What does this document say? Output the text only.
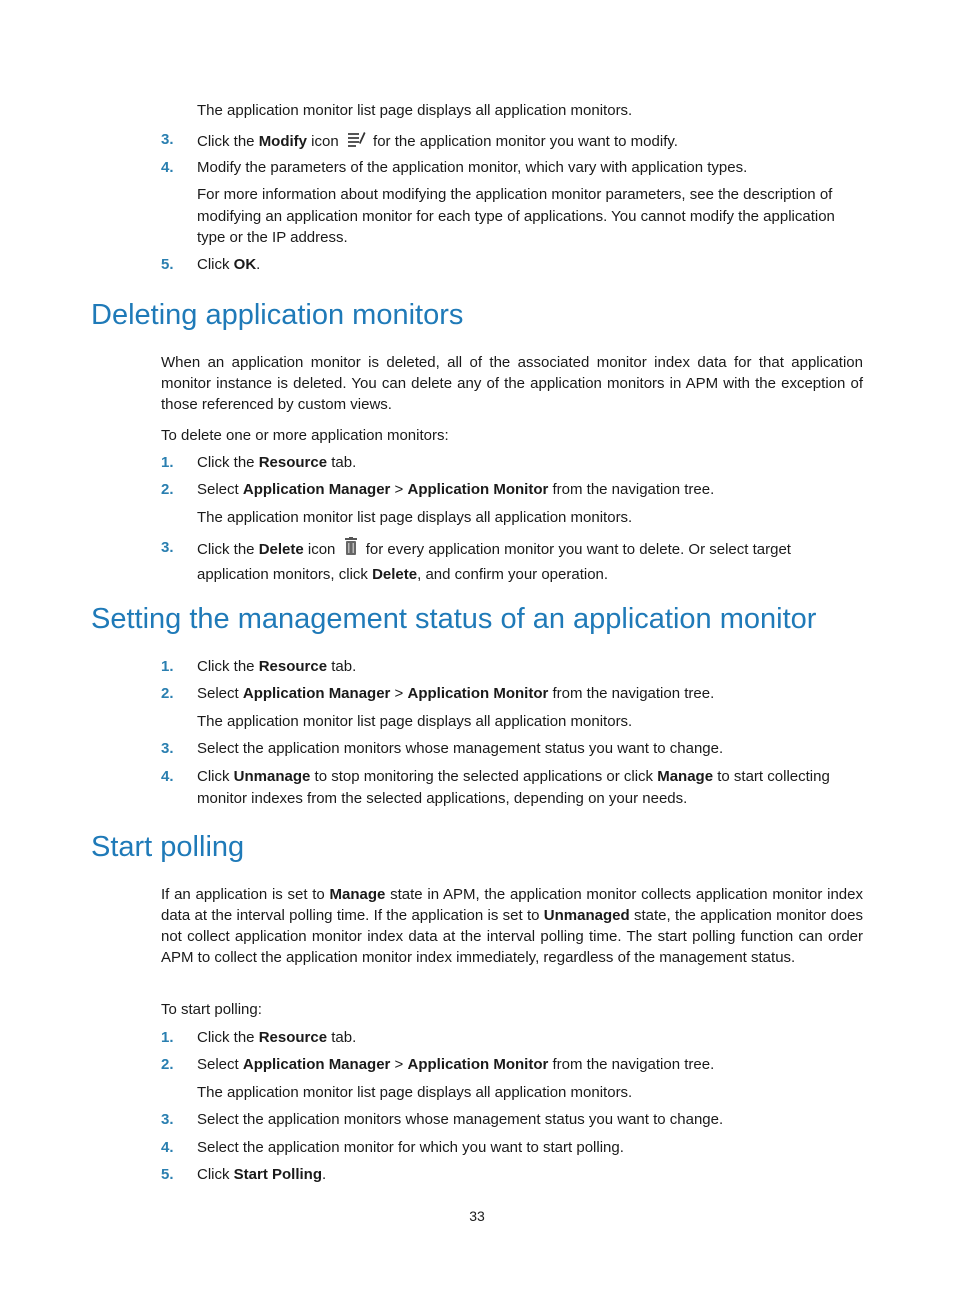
The application monitor list page displays all application monitors.

3.	Click the Modify icon  for the application monitor you want to modify.
4.	Modify the parameters of the application monitor, which vary with application types.

For more information about modifying the application monitor parameters, see the description of modifying an application monitor for each type of applications. You cannot modify the application type or the IP address.

5.	Click OK.
Deleting application monitors

When an application monitor is deleted, all of the associated monitor index data for that application monitor instance is deleted. You can delete any of the application monitors in APM with the exception of those referenced by custom views.

To delete one or more application monitors:

1.	Click the Resource tab.
2.	Select Application Manager > Application Monitor from the navigation tree.

The application monitor list page displays all application monitors.

3.	Click the Delete icon  for every application monitor you want to delete. Or select target application monitors, click Delete, and confirm your operation.
Setting the management status of an application monitor
1.	Click the Resource tab.
2.	Select Application Manager > Application Monitor from the navigation tree.

The application monitor list page displays all application monitors.

3.	Select the application monitors whose management status you want to change.
4.	Click Unmanage to stop monitoring the selected applications or click Manage to start collecting monitor indexes from the selected applications, depending on your needs.
Start polling

If an application is set to Manage state in APM, the application monitor collects application monitor index data at the interval polling time. If the application is set to Unmanaged state, the application monitor does not collect application monitor index data at the interval polling time. The start polling function can order APM to collect the application monitor index immediately, regardless of the management status.

To start polling:

1.	Click the Resource tab.
2.	Select Application Manager > Application Monitor from the navigation tree.

The application monitor list page displays all application monitors.

3.	Select the application monitors whose management status you want to change.
4.	Select the application monitor for which you want to start polling.
5.	Click Start Polling.
33
